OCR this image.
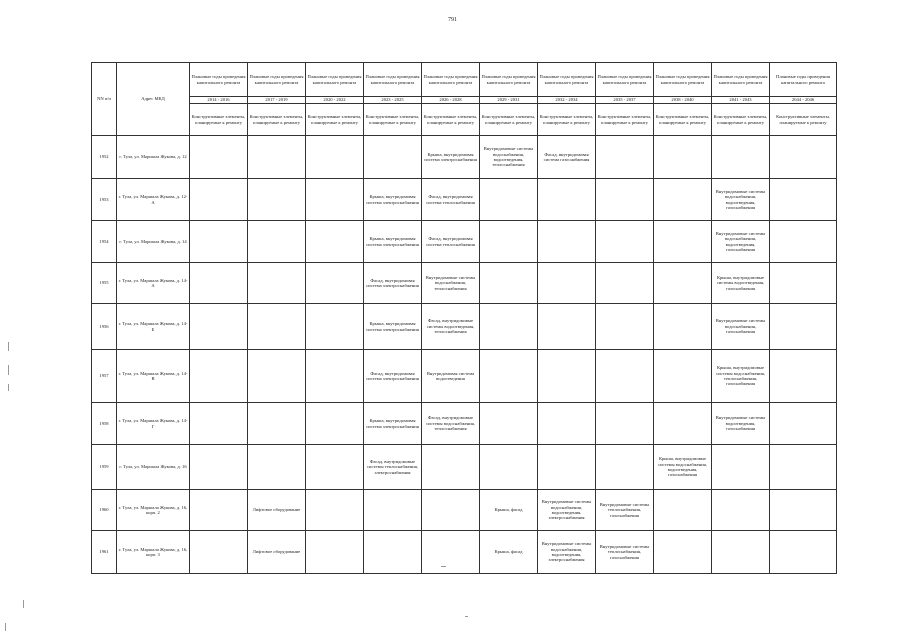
791
NN п/п	Адрес МКД	Плановые годы проведения капитального ремонта	Плановые годы проведения капитального ремонта	Плановые годы проведения капитального ремонта	Плановые годы проведения капитального ремонта	Плановые годы проведения капитального ремонта	Плановые годы проведения капитального ремонта	Плановые годы проведения капитального ремонта	Плановые годы проведения капитального ремонта	Плановые годы проведения капитального ремонта	Плановые годы проведения капитального ремонта	Плановые годы проведения капитального ремонта
		2014 - 2016	2017 - 2019	2020 - 2022	2023 - 2025	2026 - 2028	2029 - 2031	2032 - 2034	2035 - 2037	2038 - 2040	2041 - 2043	2044 - 2046
		Конструктивные элементы, планируемые к ремонту	Конструктивные элементы, планируемые к ремонту	Конструктивные элементы, планируемые к ремонту	Конструктивные элементы, планируемые к ремонту	Конструктивные элементы, планируемые к ремонту	Конструктивные элементы, планируемые к ремонту	Конструктивные элементы, планируемые к ремонту	Конструктивные элементы, планируемые к ремонту	Конструктивные элементы, планируемые к ремонту	Конструктивные элементы, планируемые к ремонту	Конструктивные элементы, планируемые к ремонту
1952	г. Тула, ул. Маршала Жукова, д. 12					Крыша, внутридомовая система электроснабжения	Внутридомовые системы водоснабжения, водоотведения, теплоснабжения	Фасад, внутридомовая система газоснабжения				
1953	г. Тула, ул. Маршала Жукова, д. 12-А				Крыша, внутридомовая система электроснабжения	Фасад, внутридомовая система теплоснабжения					Внутридомовые системы водоснабжения, водоотведения, газоснабжения	
1954	г. Тула, ул. Маршала Жукова, д. 14				Крыша, внутридомовая система электроснабжения	Фасад, внутридомовая система теплоснабжения					Внутридомовые системы водоснабжения, водоотведения, газоснабжения	
1955	г. Тула, ул. Маршала Жукова, д. 14-А				Фасад, внутридомовая система электроснабжения	Внутридомовые системы водоснабжения, теплоснабжения					Крыша, внутридомовые системы водоотведения, газоснабжения	
1956	г. Тула, ул. Маршала Жукова, д. 14-Б				Крыша, внутридомовая система электроснабжения	Фасад, внутридомовые системы водоотведения, теплоснабжения					Внутридомовые системы водоснабжения, газоснабжения	
1957	г. Тула, ул. Маршала Жукова, д. 14-В				Фасад, внутридомовая система электроснабжения	Внутридомовая система водоотведения					Крыша, внутридомовые системы водоснабжения, теплоснабжения, газоснабжения	
1958	г. Тула, ул. Маршала Жукова, д. 14-Г				Крыша, внутридомовая система электроснабжения	Фасад, внутридомовые системы водоснабжения, теплоснабжения					Внутридомовые системы водоотведения, газоснабжения	
1959	г. Тула, ул. Маршала Жукова, д. 16				Фасад, внутридомовые системы теплоснабжения, электроснабжения					Крыша, внутридомовые системы водоснабжения, водоотведения, газоснабжения		
1960	г. Тула, ул. Маршала Жукова, д. 16, корп. 2		Лифтовое оборудование				Крыша, фасад	Внутридомовые системы водоснабжения, водоотведения, электроснабжения	Внутридомовые системы теплоснабжения, газоснабжения			
1961	г. Тула, ул. Маршала Жукова, д. 16, корп. 3		Лифтовое оборудование				Крыша, фасад	Внутридомовые системы водоснабжения, водоотведения, электроснабжения	Внутридомовые системы теплоснабжения, газоснабжения			
